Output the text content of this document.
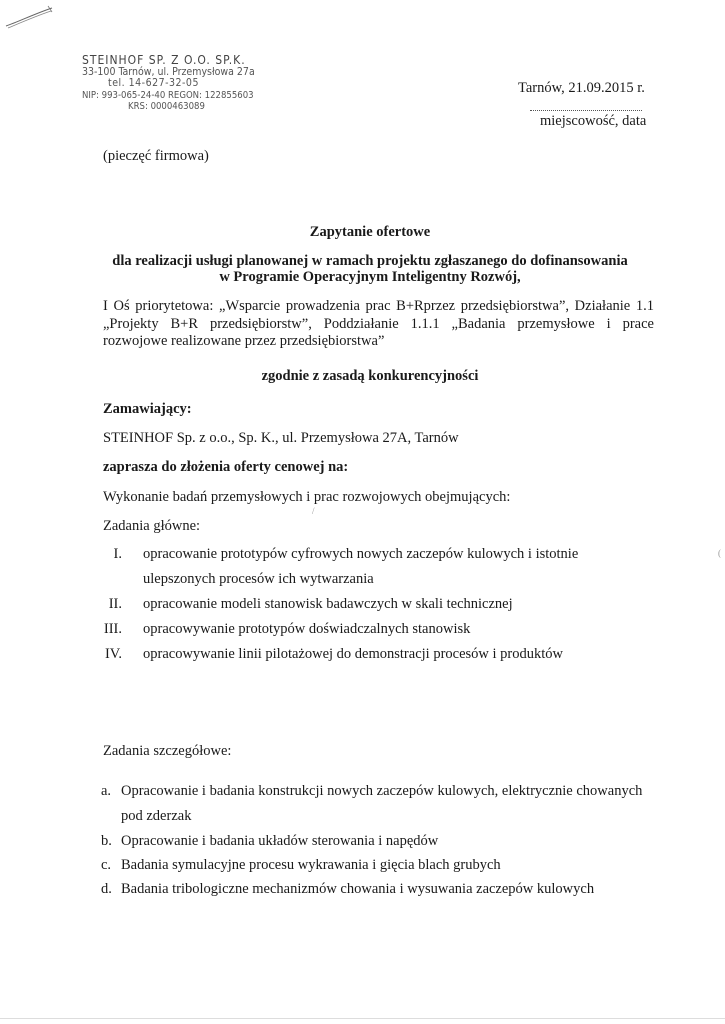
STEINHOF SP. Z O.O. SP.K.
33-100 Tarnów, ul. Przemysłowa 27a
tel. 14-627-32-05
NIP: 993-065-24-40 REGON: 122855603
KRS: 0000463089
Tarnów, 21.09.2015 r.
miejscowość, data
(pieczęć firmowa)
Zapytanie ofertowe
dla realizacji usługi planowanej w ramach projektu zgłaszanego do dofinansowania
w Programie Operacyjnym Inteligentny Rozwój,
I Oś priorytetowa: „Wsparcie prowadzenia prac B+Rprzez przedsiębiorstwa”, Działanie 1.1 „Projekty B+R przedsiębiorstw”, Poddziałanie 1.1.1 „Badania przemysłowe i prace rozwojowe realizowane przez przedsiębiorstwa”
zgodnie z zasadą konkurencyjności
Zamawiający:
STEINHOF Sp. z o.o., Sp. K., ul. Przemysłowa 27A, Tarnów
zaprasza do złożenia oferty cenowej na:
Wykonanie badań przemysłowych i prac rozwojowych obejmujących:
Zadania główne:
I. opracowanie prototypów cyfrowych nowych zaczepów kulowych i istotnie ulepszonych procesów ich wytwarzania
II. opracowanie modeli stanowisk badawczych w skali technicznej
III. opracowywanie prototypów doświadczalnych stanowisk
IV. opracowywanie linii pilotażowej do demonstracji procesów i produktów
Zadania szczegółowe:
a. Opracowanie i badania konstrukcji nowych zaczepów kulowych, elektrycznie chowanych pod zderzak
b. Opracowanie i badania układów sterowania i napędów
c. Badania symulacyjne procesu wykrawania i gięcia blach grubych
d. Badania tribologiczne mechanizmów chowania i wysuwania zaczepów kulowych
/
(
